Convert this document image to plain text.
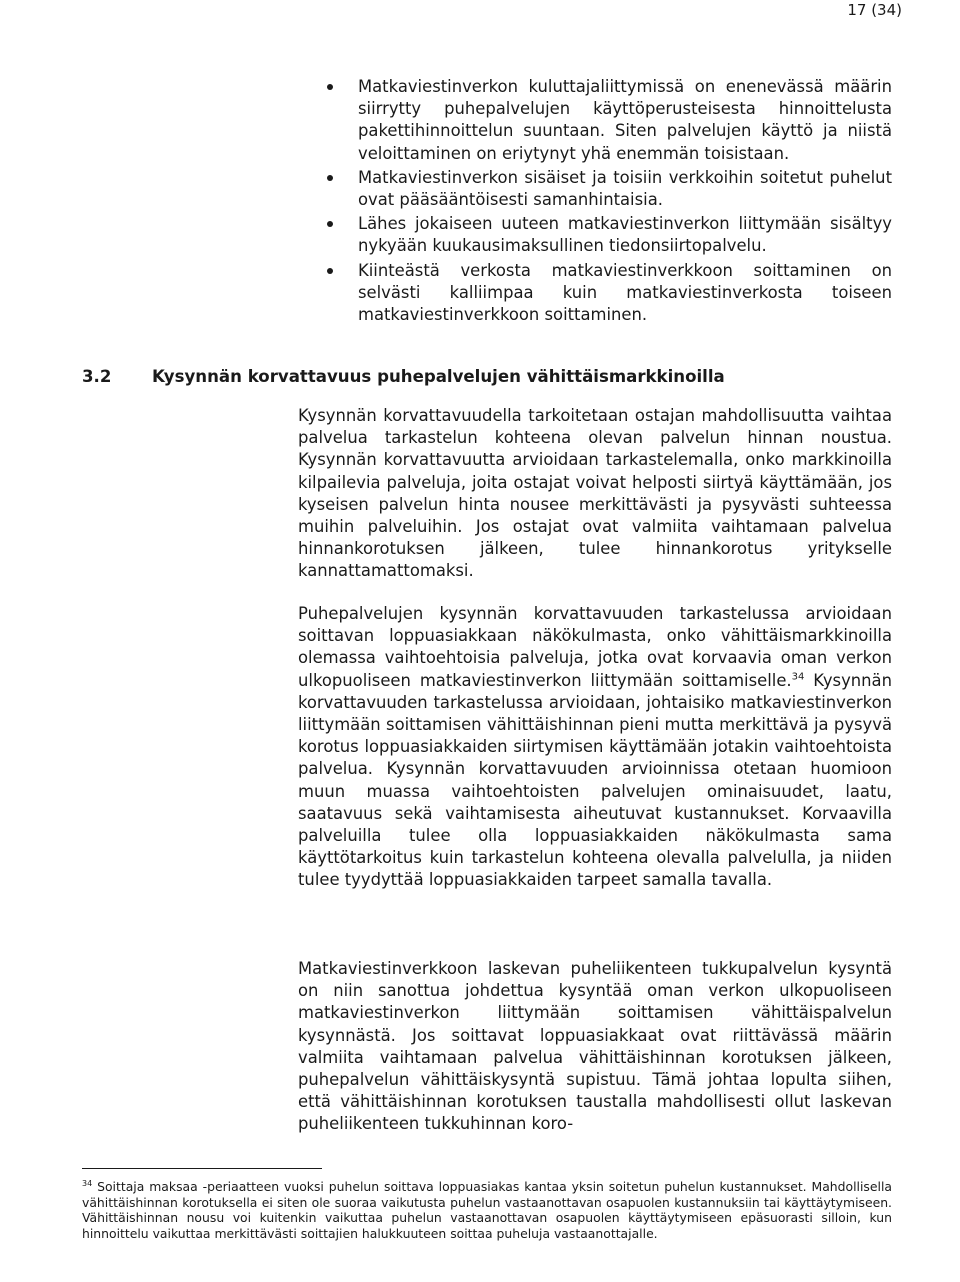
17 (34)
Matkaviestinverkon kuluttajaliittymissä on enenevässä määrin siirrytty puhepalvelujen käyttöperusteisesta hinnoittelusta pakettihinnoittelun suuntaan. Siten palvelujen käyttö ja niistä veloittaminen on eriytynyt yhä enemmän toisistaan.
Matkaviestinverkon sisäiset ja toisiin verkkoihin soitetut puhelut ovat pääsääntöisesti samanhintaisia.
Lähes jokaiseen uuteen matkaviestinverkon liittymään sisältyy nykyään kuukausimaksullinen tiedonsiirtopalvelu.
Kiinteästä verkosta matkaviestinverkkoon soittaminen on selvästi kalliimpaa kuin matkaviestinverkosta toiseen matkaviestinverkkoon soittaminen.
3.2 Kysynnän korvattavuus puhepalvelujen vähittäismarkkinoilla

Kysynnän korvattavuudella tarkoitetaan ostajan mahdollisuutta vaihtaa palvelua tarkastelun kohteena olevan palvelun hinnan noustua. Kysynnän korvattavuutta arvioidaan tarkastelemalla, onko markkinoilla kilpailevia palveluja, joita ostajat voivat helposti siirtyä käyttämään, jos kyseisen palvelun hinta nousee merkittävästi ja pysyvästi suhteessa muihin palveluihin. Jos ostajat ovat valmiita vaihtamaan palvelua hinnankorotuksen jälkeen, tulee hinnankorotus yritykselle kannattamattomaksi.

Puhepalvelujen kysynnän korvattavuuden tarkastelussa arvioidaan soittavan loppuasiakkaan näkökulmasta, onko vähittäismarkkinoilla olemassa vaihtoehtoisia palveluja, jotka ovat korvaavia oman verkon ulkopuoliseen matkaviestinverkon liittymään soittamiselle.$^{34}$ Kysynnän korvattavuuden tarkastelussa arvioidaan, johtaisiko matkaviestinverkon liittymään soittamisen vähittäishinnan pieni mutta merkittävä ja pysyvä korotus loppuasiakkaiden siirtymisen käyttämään jotakin vaihtoehtoista palvelua. Kysynnän korvattavuuden arvioinnissa otetaan huomioon muun muassa vaihtoehtoisten palvelujen ominaisuudet, laatu, saatavuus sekä vaihtamisesta aiheutuvat kustannukset. Korvaavilla palveluilla tulee olla loppuasiakkaiden näkökulmasta sama käyttötarkoitus kuin tarkastelun kohteena olevalla palvelulla, ja niiden tulee tyydyttää loppuasiakkaiden tarpeet samalla tavalla.

Matkaviestinverkkoon laskevan puheliikenteen tukkupalvelun kysyntä on niin sanottua johdettua kysyntää oman verkon ulkopuoliseen matkaviestinverkon liittymään soittamisen vähittäispalvelun kysynnästä. Jos soittavat loppuasiakkaat ovat riittävässä määrin valmiita vaihtamaan palvelua vähittäishinnan korotuksen jälkeen, puhepalvelun vähittäiskysyntä supistuu. Tämä johtaa lopulta siihen, että vähittäishinnan korotuksen taustalla mahdollisesti ollut laskevan puheliikenteen tukkuhinnan koro-

$^{34}$ Soittaja maksaa -periaatteen vuoksi puhelun soittava loppuasiakas kantaa yksin soitetun puhelun kustannukset. Mahdollisella vähittäishinnan korotuksella ei siten ole suoraa vaikutusta puhelun vastaanottavan osapuolen kustannuksiin tai käyttäytymiseen. Vähittäishinnan nousu voi kuitenkin vaikuttaa puhelun vastaanottavan osapuolen käyttäytymiseen epäsuorasti silloin, kun hinnoittelu vaikuttaa merkittävästi soittajien halukkuuteen soittaa puheluja vastaanottajalle.
